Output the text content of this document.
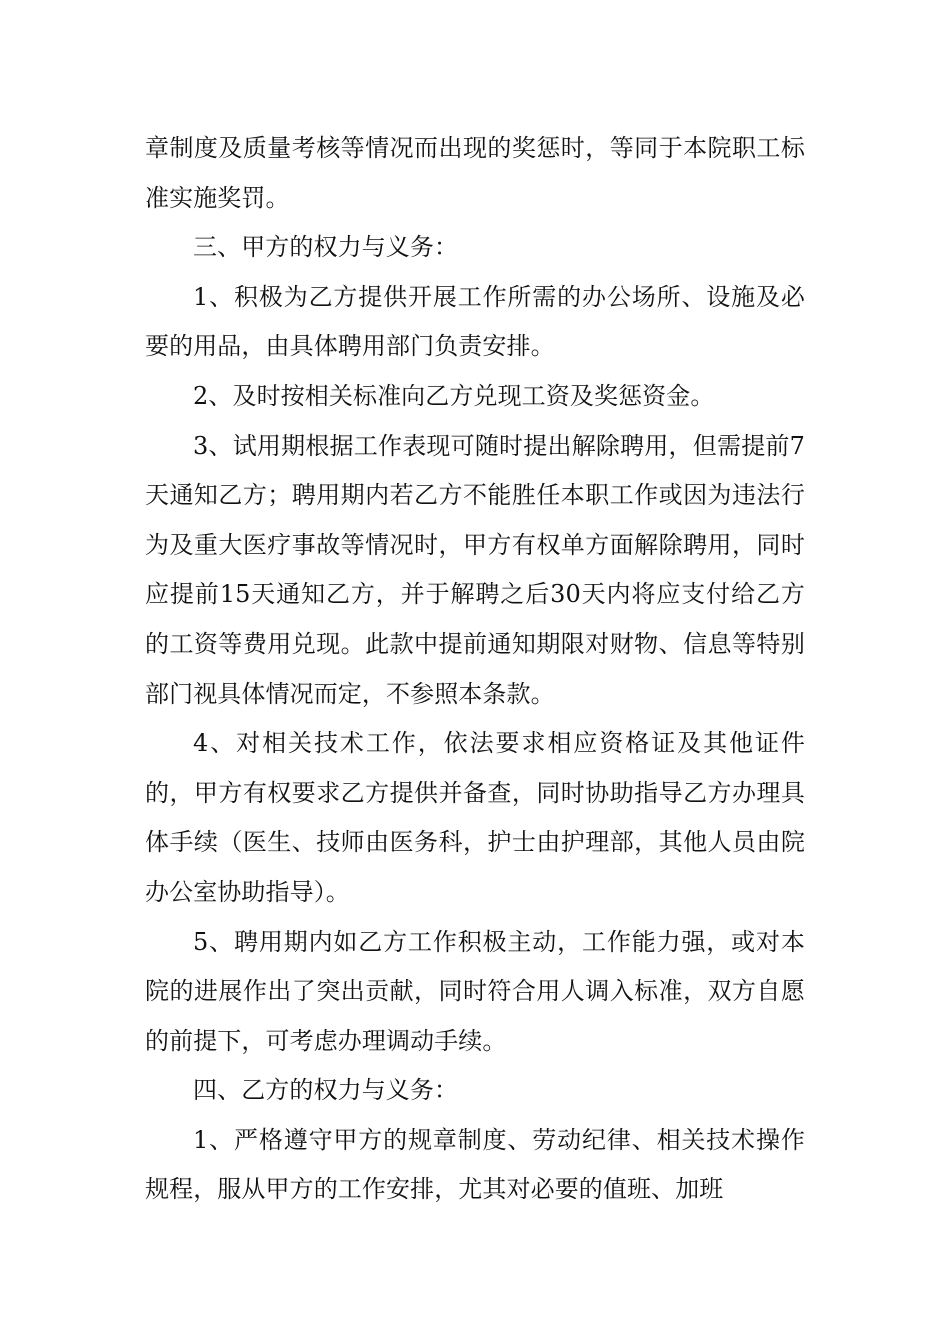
章制度及质量考核等情况而出现的奖惩时，等同于本院职工标准实施奖罚。

三、甲方的权力与义务：

1、积极为乙方提供开展工作所需的办公场所、设施及必要的用品，由具体聘用部门负责安排。

2、及时按相关标准向乙方兑现工资及奖惩资金。

3、试用期根据工作表现可随时提出解除聘用，但需提前7天通知乙方；聘用期内若乙方不能胜任本职工作或因为违法行为及重大医疗事故等情况时，甲方有权单方面解除聘用，同时应提前15天通知乙方，并于解聘之后30天内将应支付给乙方的工资等费用兑现。此款中提前通知期限对财物、信息等特别部门视具体情况而定，不参照本条款。

4、对相关技术工作，依法要求相应资格证及其他证件的，甲方有权要求乙方提供并备查，同时协助指导乙方办理具体手续（医生、技师由医务科，护士由护理部，其他人员由院办公室协助指导）。

5、聘用期内如乙方工作积极主动，工作能力强，或对本院的进展作出了突出贡献，同时符合用人调入标准，双方自愿的前提下，可考虑办理调动手续。

四、乙方的权力与义务：

1、严格遵守甲方的规章制度、劳动纪律、相关技术操作规程，服从甲方的工作安排，尤其对必要的值班、加班
